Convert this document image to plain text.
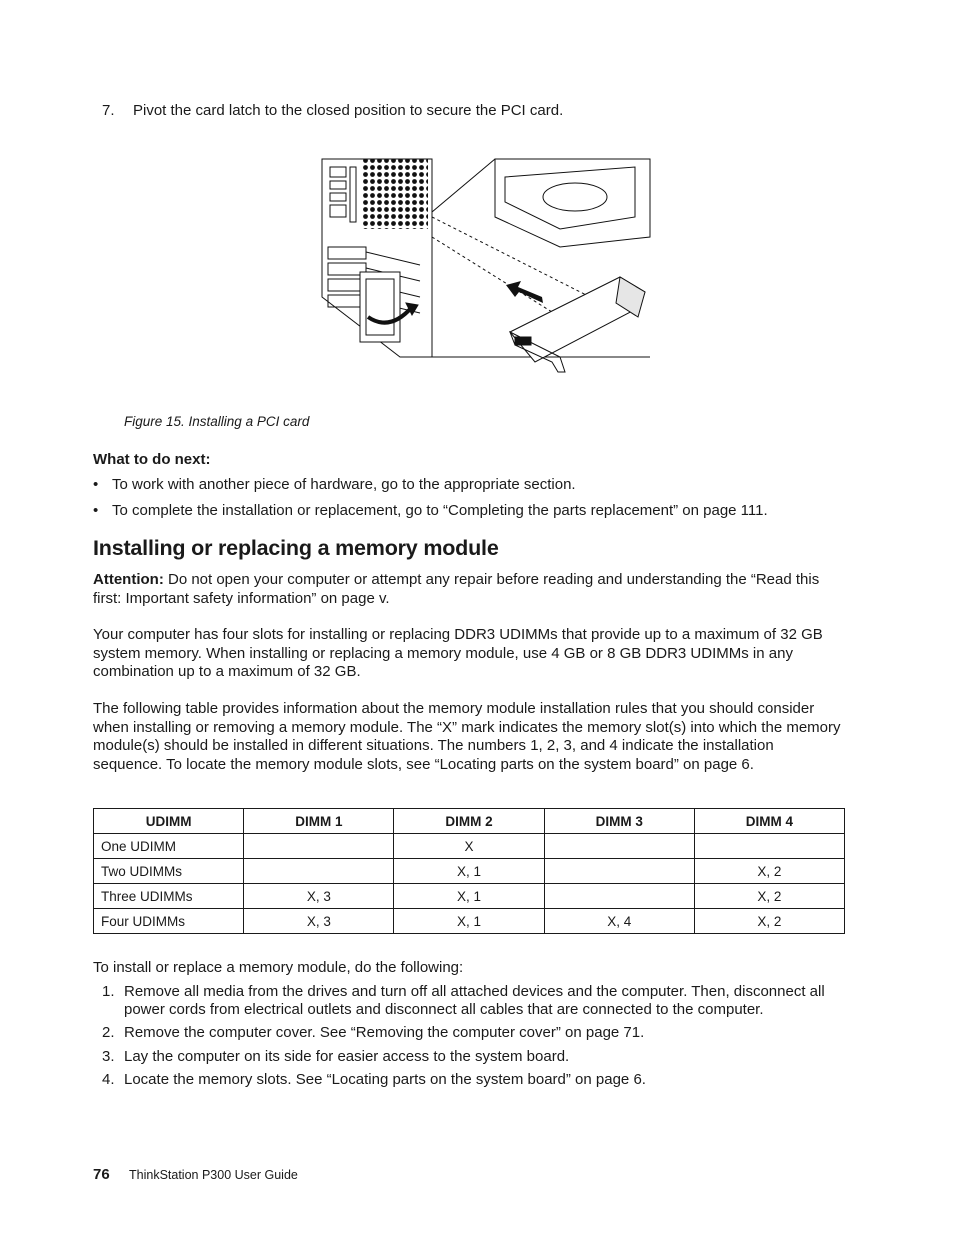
7. Pivot the card latch to the closed position to secure the PCI card.
Figure 15. Installing a PCI card
What to do next:
• To work with another piece of hardware, go to the appropriate section.
• To complete the installation or replacement, go to “Completing the parts replacement” on page 111.
Installing or replacing a memory module
Attention: Do not open your computer or attempt any repair before reading and understanding the “Read this first: Important safety information” on page v.
Your computer has four slots for installing or replacing DDR3 UDIMMs that provide up to a maximum of 32 GB system memory. When installing or replacing a memory module, use 4 GB or 8 GB DDR3 UDIMMs in any combination up to a maximum of 32 GB.
The following table provides information about the memory module installation rules that you should consider when installing or removing a memory module. The “X” mark indicates the memory slot(s) into which the memory module(s) should be installed in different situations. The numbers 1, 2, 3, and 4 indicate the installation sequence. To locate the memory module slots, see “Locating parts on the system board” on page 6.
UDIMM	DIMM 1	DIMM 2	DIMM 3	DIMM 4
One UDIMM		X		
Two UDIMMs		X, 1		X, 2
Three UDIMMs	X, 3	X, 1		X, 2
Four UDIMMs	X, 3	X, 1	X, 4	X, 2
To install or replace a memory module, do the following:
1. Remove all media from the drives and turn off all attached devices and the computer. Then, disconnect all power cords from electrical outlets and disconnect all cables that are connected to the computer.
2. Remove the computer cover. See “Removing the computer cover” on page 71.
3. Lay the computer on its side for easier access to the system board.
4. Locate the memory slots. See “Locating parts on the system board” on page 6.
76 ThinkStation P300 User Guide
